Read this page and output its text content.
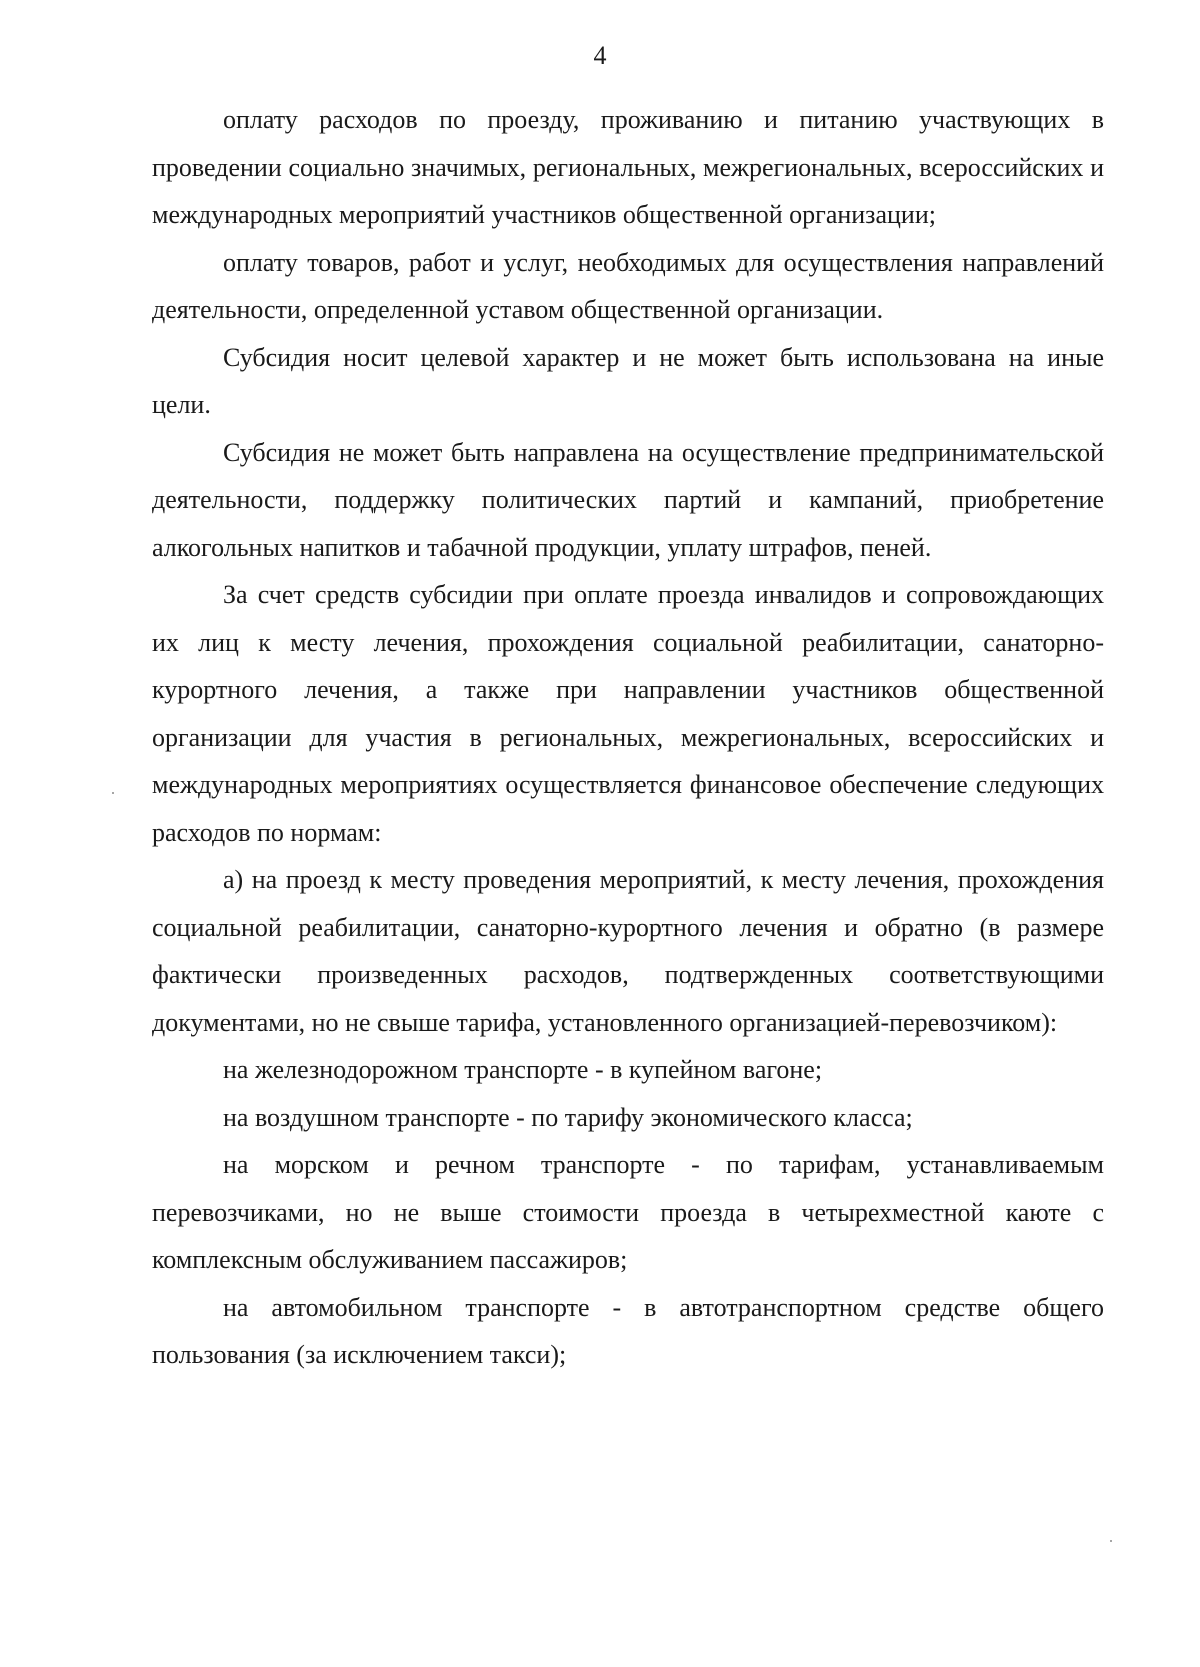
4

оплату расходов по проезду, проживанию и питанию участвующих в проведении социально значимых, региональных, межрегиональных, всероссийских и международных мероприятий участников общественной организации;

оплату товаров, работ и услуг, необходимых для осуществления направлений деятельности, определенной уставом общественной организации.

Субсидия носит целевой характер и не может быть использована на иные цели.

Субсидия не может быть направлена на осуществление предпринимательской деятельности, поддержку политических партий и кампаний, приобретение алкогольных напитков и табачной продукции, уплату штрафов, пеней.

За счет средств субсидии при оплате проезда инвалидов и сопровождающих их лиц к месту лечения, прохождения социальной реабилитации, санаторно-курортного лечения, а также при направлении участников общественной организации для участия в региональных, межрегиональных, всероссийских и международных мероприятиях осуществляется финансовое обеспечение следующих расходов по нормам:

а) на проезд к месту проведения мероприятий, к месту лечения, прохождения социальной реабилитации, санаторно-курортного лечения и обратно (в размере фактически произведенных расходов, подтвержденных соответствующими документами, но не свыше тарифа, установленного организацией-перевозчиком):

на железнодорожном транспорте - в купейном вагоне;

на воздушном транспорте - по тарифу экономического класса;

на морском и речном транспорте - по тарифам, устанавливаемым перевозчиками, но не выше стоимости проезда в четырехместной каюте с комплексным обслуживанием пассажиров;

на автомобильном транспорте - в автотранспортном средстве общего пользования (за исключением такси);
